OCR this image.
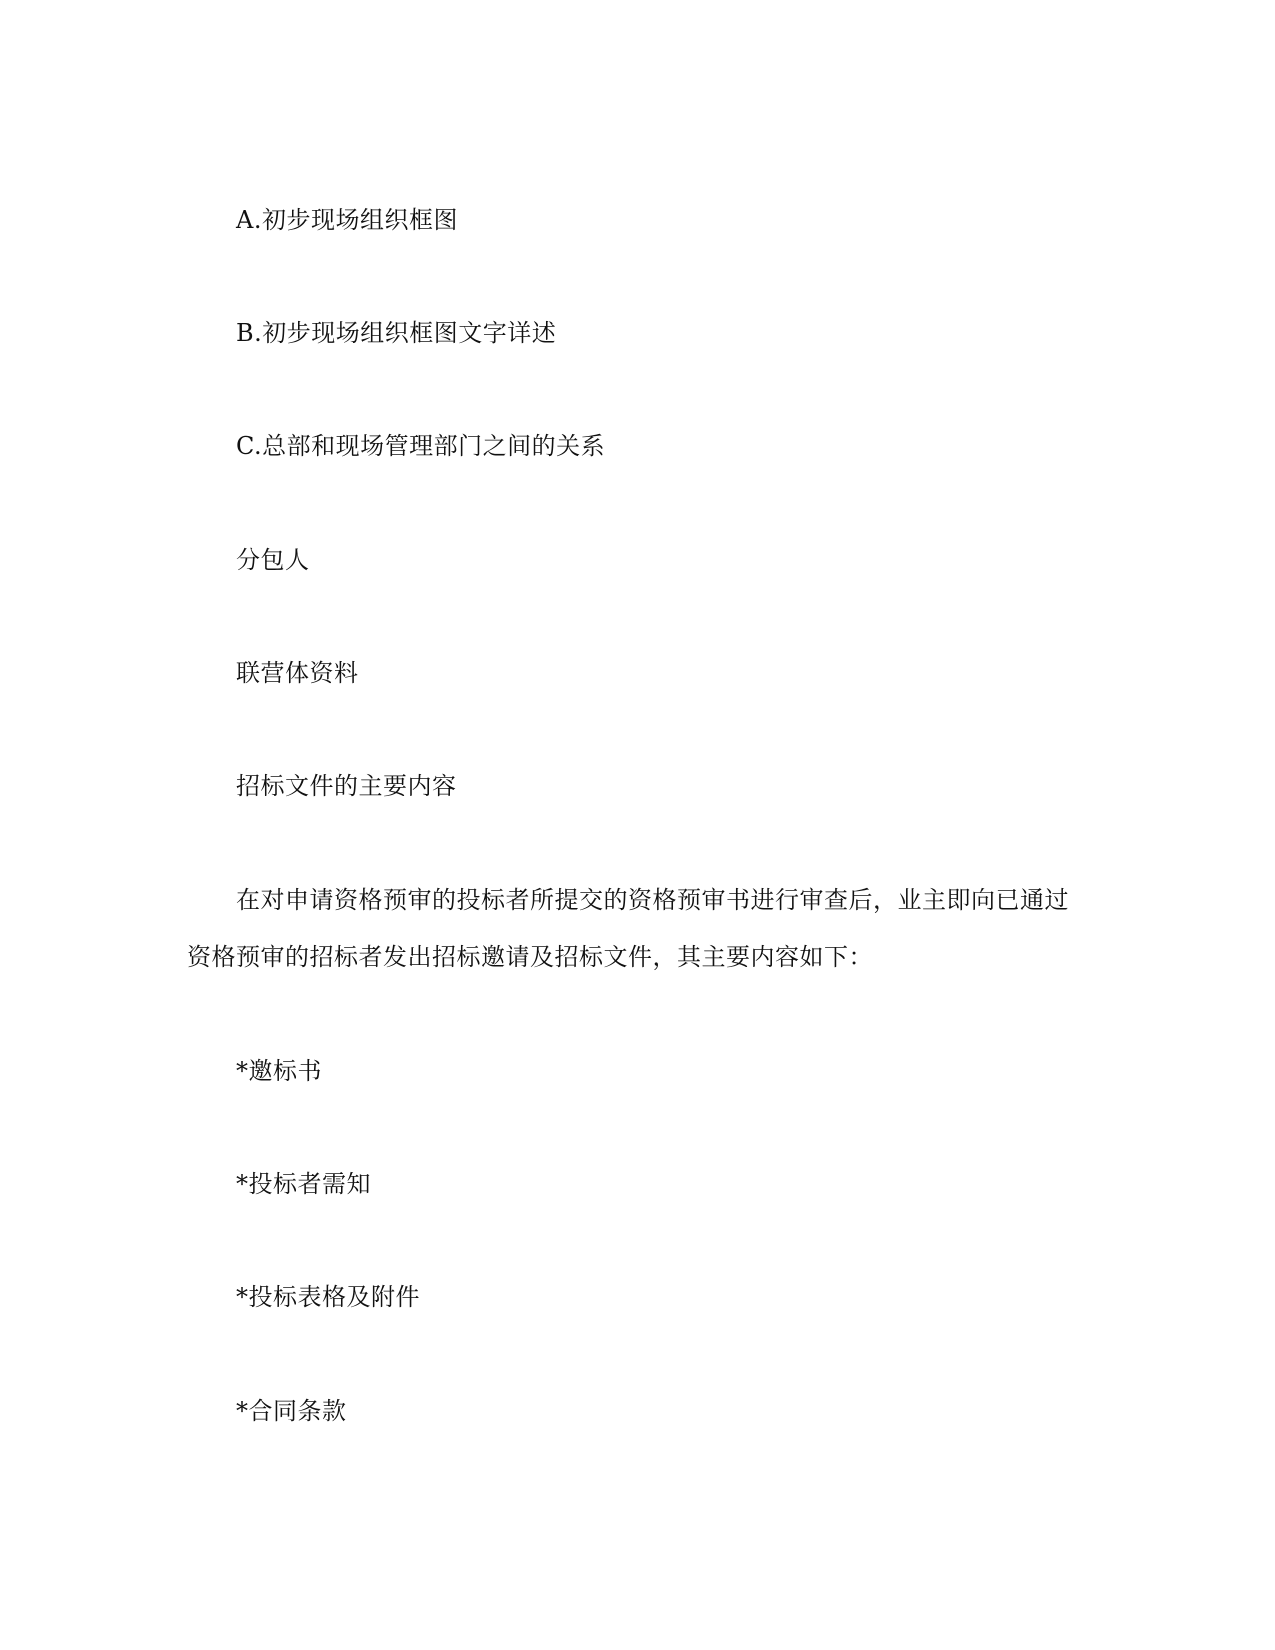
A.初步现场组织框图
B.初步现场组织框图文字详述
C.总部和现场管理部门之间的关系
分包人
联营体资料
招标文件的主要内容
在对申请资格预审的投标者所提交的资格预审书进行审查后，业主即向已通过
资格预审的招标者发出招标邀请及招标文件，其主要内容如下：
*邀标书
*投标者需知
*投标表格及附件
*合同条款
